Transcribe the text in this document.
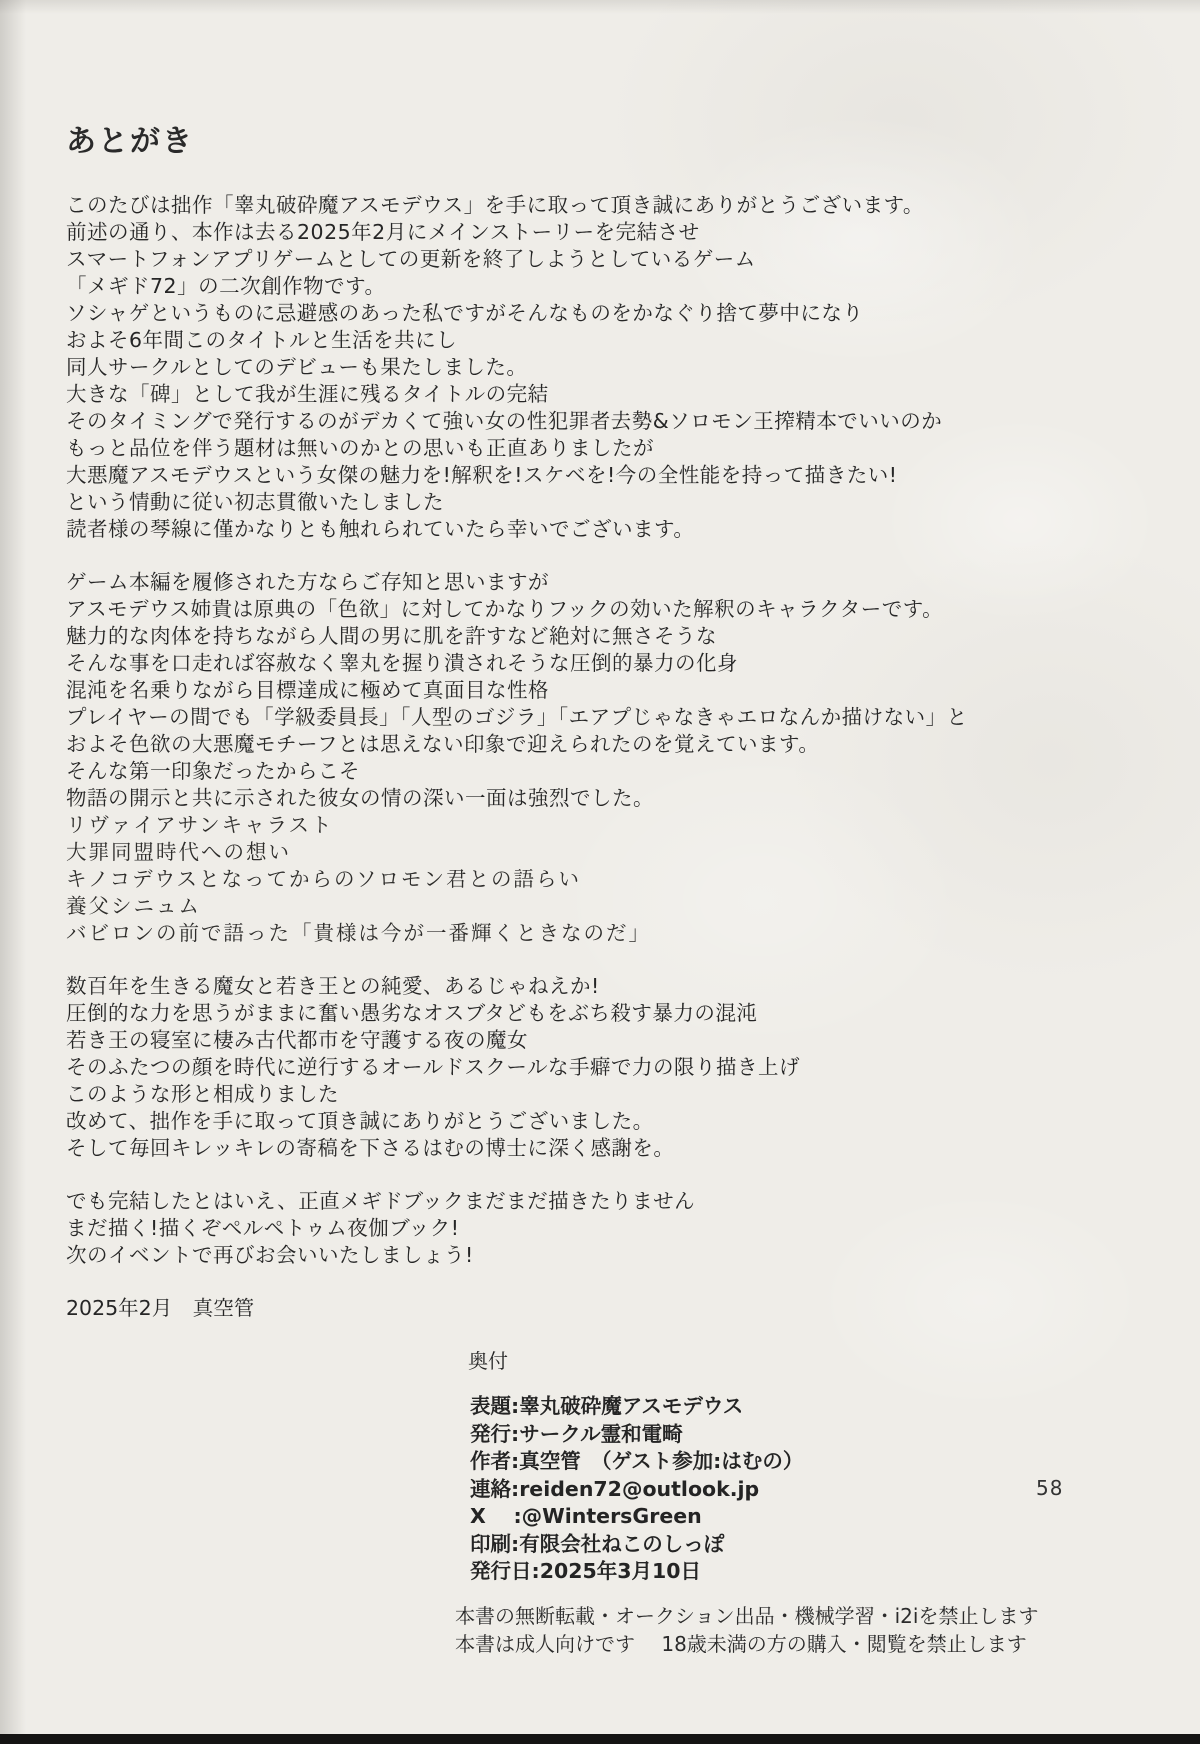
あとがき
このたびは拙作「睾丸破砕魔アスモデウス」を手に取って頂き誠にありがとうございます。
前述の通り、本作は去る2025年2月にメインストーリーを完結させ
スマートフォンアプリゲームとしての更新を終了しようとしているゲーム
「メギド72」の二次創作物です。
ソシャゲというものに忌避感のあった私ですがそんなものをかなぐり捨て夢中になり
およそ6年間このタイトルと生活を共にし
同人サークルとしてのデビューも果たしました。
大きな「碑」として我が生涯に残るタイトルの完結
そのタイミングで発行するのがデカくて強い女の性犯罪者去勢&ソロモン王搾精本でいいのか
もっと品位を伴う題材は無いのかとの思いも正直ありましたが
大悪魔アスモデウスという女傑の魅力を!解釈を!スケベを!今の全性能を持って描きたい!
という情動に従い初志貫徹いたしました
読者様の琴線に僅かなりとも触れられていたら幸いでございます。
ゲーム本編を履修された方ならご存知と思いますが
アスモデウス姉貴は原典の「色欲」に対してかなりフックの効いた解釈のキャラクターです。
魅力的な肉体を持ちながら人間の男に肌を許すなど絶対に無さそうな
そんな事を口走れば容赦なく睾丸を握り潰されそうな圧倒的暴力の化身
混沌を名乗りながら目標達成に極めて真面目な性格
プレイヤーの間でも「学級委員長」「人型のゴジラ」「エアプじゃなきゃエロなんか描けない」と
およそ色欲の大悪魔モチーフとは思えない印象で迎えられたのを覚えています。
そんな第一印象だったからこそ
物語の開示と共に示された彼女の情の深い一面は強烈でした。
リヴァイアサンキャラスト
大罪同盟時代への想い
キノコデウスとなってからのソロモン君との語らい
養父シニュム
バビロンの前で語った「貴様は今が一番輝くときなのだ」
数百年を生きる魔女と若き王との純愛、あるじゃねえか!
圧倒的な力を思うがままに奮い愚劣なオスブタどもをぶち殺す暴力の混沌
若き王の寝室に棲み古代都市を守護する夜の魔女
そのふたつの顔を時代に逆行するオールドスクールな手癖で力の限り描き上げ
このような形と相成りました
改めて、拙作を手に取って頂き誠にありがとうございました。
そして毎回キレッキレの寄稿を下さるはむの博士に深く感謝を。
でも完結したとはいえ、正直メギドブックまだまだ描きたりません
まだ描く!描くぞペルペトゥム夜伽ブック!
次のイベントで再びお会いいたしましょう!
2025年2月　真空管
奥付
表題:睾丸破砕魔アスモデウス
発行:サークル霊和電畸
作者:真空管　（ゲスト参加:はむの）
連絡:reiden72@outlook.jp
X　 :@WintersGreen
印刷:有限会社ねこのしっぽ
発行日:2025年3月10日
本書の無断転載・オークション出品・機械学習・i2iを禁止します
本書は成人向けです　 18歳未満の方の購入・閲覧を禁止します
58
